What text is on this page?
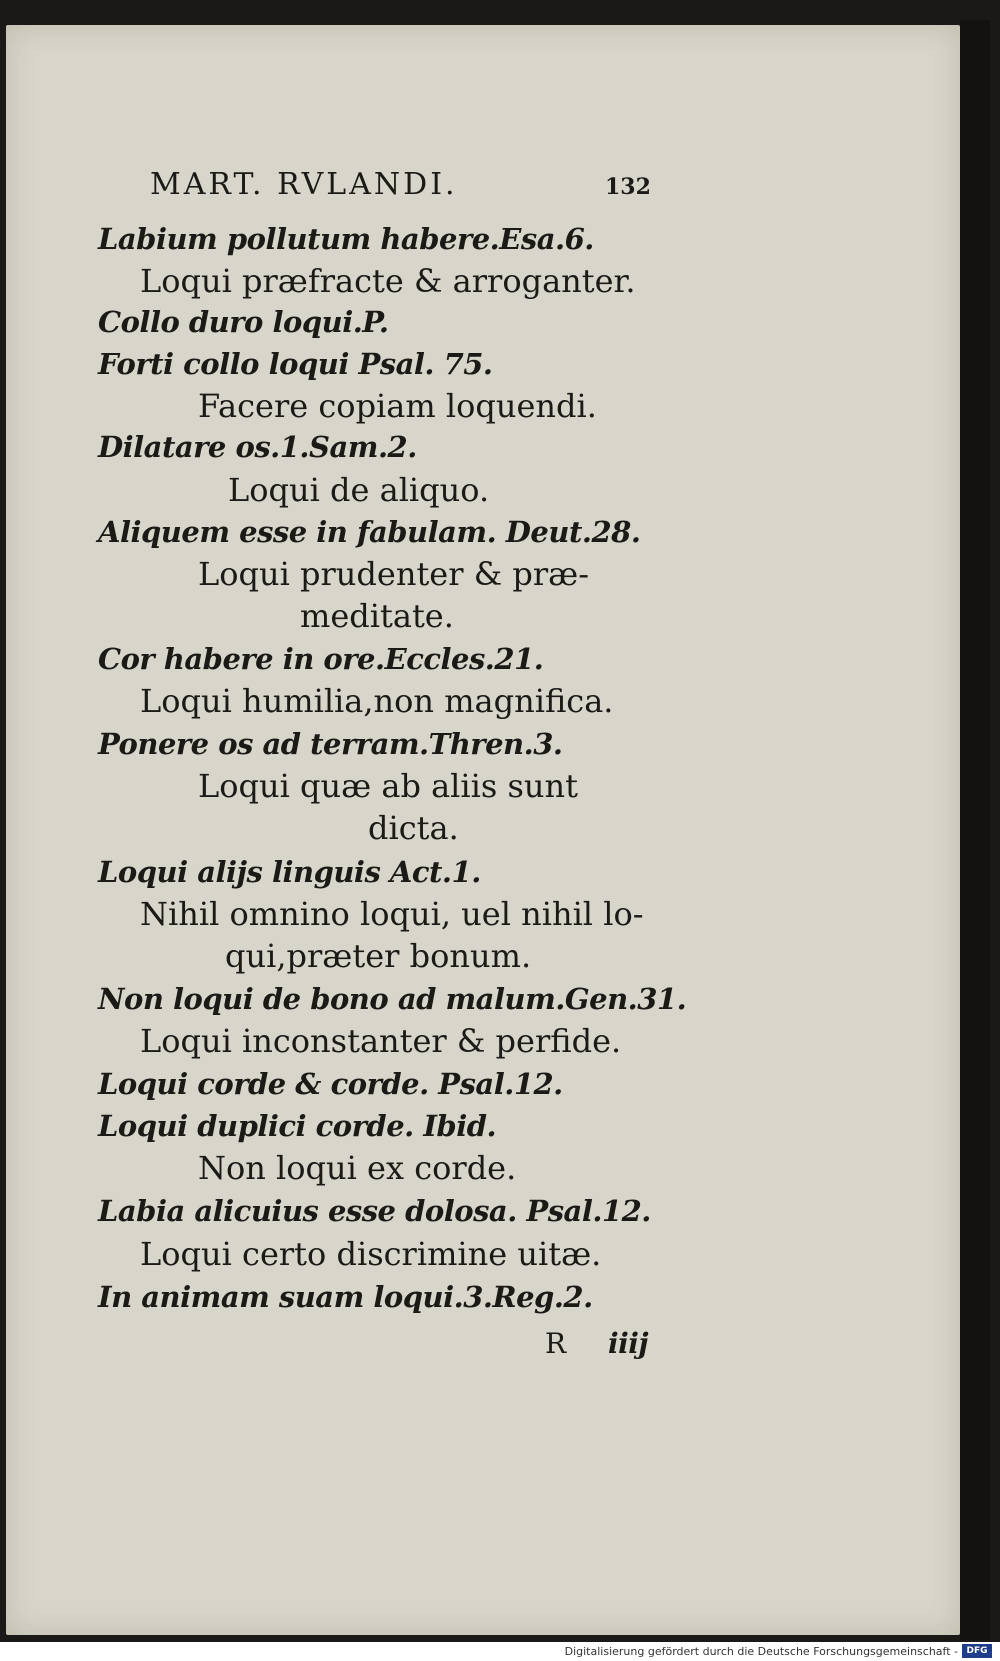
MART. RVLANDI.	132
Labium pollutum habere.Esa.6.
Loqui præfracte & arroganter.
Collo duro loqui.P.
Forti collo loqui Psal. 75.
Facere copiam loquendi.
Dilatare os.1.Sam.2.
Loqui de aliquo.
Aliquem esse in fabulam. Deut.28.
Loqui prudenter & præ-
meditate.
Cor habere in ore.Eccles.21.
Loqui humilia,non magnifica.
Ponere os ad terram.Thren.3.
Loqui quæ ab aliis sunt
dicta.
Loqui alijs linguis Act.1.
Nihil omnino loqui, uel nihil lo-
qui,præter bonum.
Non loqui de bono ad malum.Gen.31.
Loqui inconstanter & perfide.
Loqui corde & corde. Psal.12.
Loqui duplici corde. Ibid.
Non loqui ex corde.
Labia alicuius esse dolosa. Psal.12.
Loqui certo discrimine uitæ.
In animam suam loqui.3.Reg.2.
R iiij
Digitalisierung gefördert durch die Deutsche Forschungsgemeinschaft - DFG
